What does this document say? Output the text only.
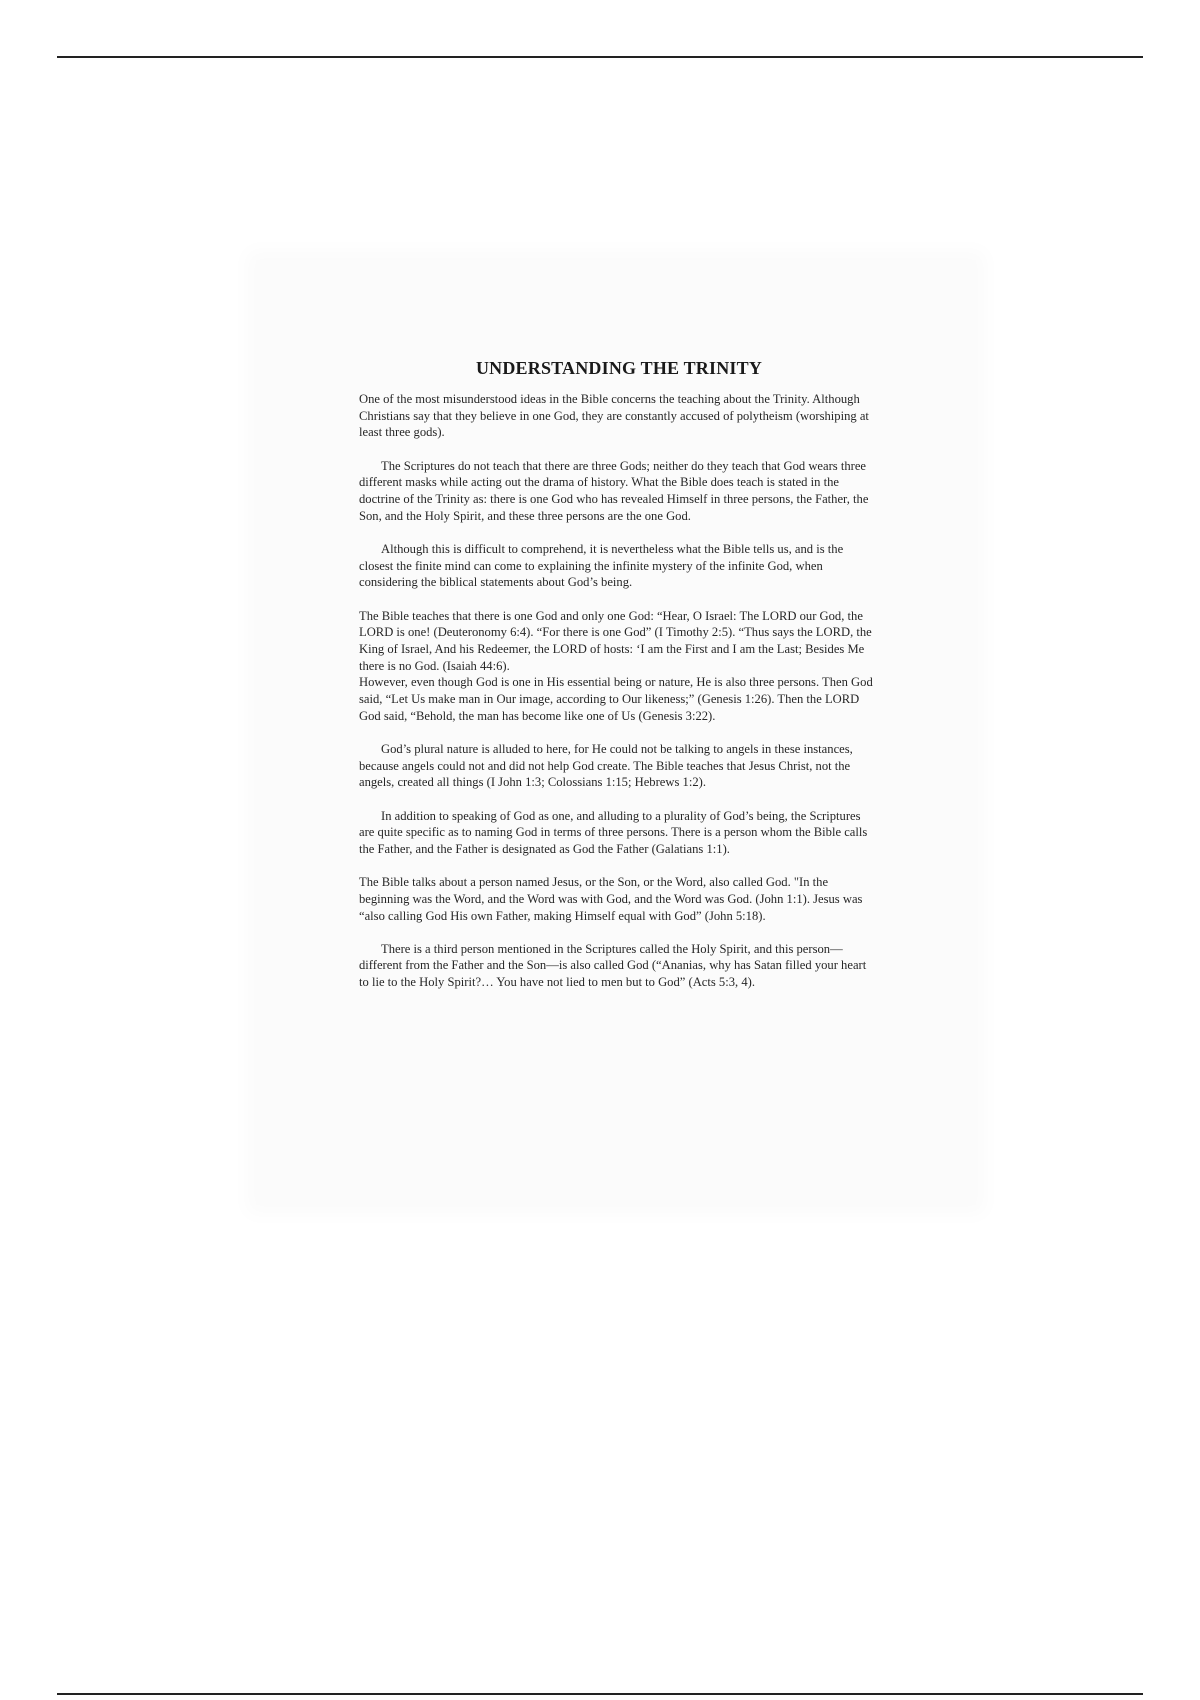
UNDERSTANDING THE TRINITY

One of the most misunderstood ideas in the Bible concerns the teaching about the Trinity. Although Christians say that they believe in one God, they are constantly accused of polytheism (worshiping at least three gods).

The Scriptures do not teach that there are three Gods; neither do they teach that God wears three different masks while acting out the drama of history. What the Bible does teach is stated in the doctrine of the Trinity as: there is one God who has revealed Himself in three persons, the Father, the Son, and the Holy Spirit, and these three persons are the one God.

Although this is difficult to comprehend, it is nevertheless what the Bible tells us, and is the closest the finite mind can come to explaining the infinite mystery of the infinite God, when considering the biblical statements about God’s being.

The Bible teaches that there is one God and only one God: “Hear, O Israel: The LORD our God, the LORD is one! (Deuteronomy 6:4). “For there is one God” (I Timothy 2:5). “Thus says the LORD, the King of Israel, And his Redeemer, the LORD of hosts: ‘I am the First and I am the Last; Besides Me there is no God. (Isaiah 44:6).

However, even though God is one in His essential being or nature, He is also three persons. Then God said, “Let Us make man in Our image, according to Our likeness;” (Genesis 1:26). Then the LORD God said, “Behold, the man has become like one of Us (Genesis 3:22).

God’s plural nature is alluded to here, for He could not be talking to angels in these instances, because angels could not and did not help God create. The Bible teaches that Jesus Christ, not the angels, created all things (I John 1:3; Colossians 1:15; Hebrews 1:2).

In addition to speaking of God as one, and alluding to a plurality of God’s being, the Scriptures are quite specific as to naming God in terms of three persons. There is a person whom the Bible calls the Father, and the Father is designated as God the Father (Galatians 1:1).

The Bible talks about a person named Jesus, or the Son, or the Word, also called God. "In the beginning was the Word, and the Word was with God, and the Word was God. (John 1:1). Jesus was “also calling God His own Father, making Himself equal with God” (John 5:18).

There is a third person mentioned in the Scriptures called the Holy Spirit, and this person—different from the Father and the Son—is also called God (“Ananias, why has Satan filled your heart to lie to the Holy Spirit?… You have not lied to men but to God” (Acts 5:3, 4).
